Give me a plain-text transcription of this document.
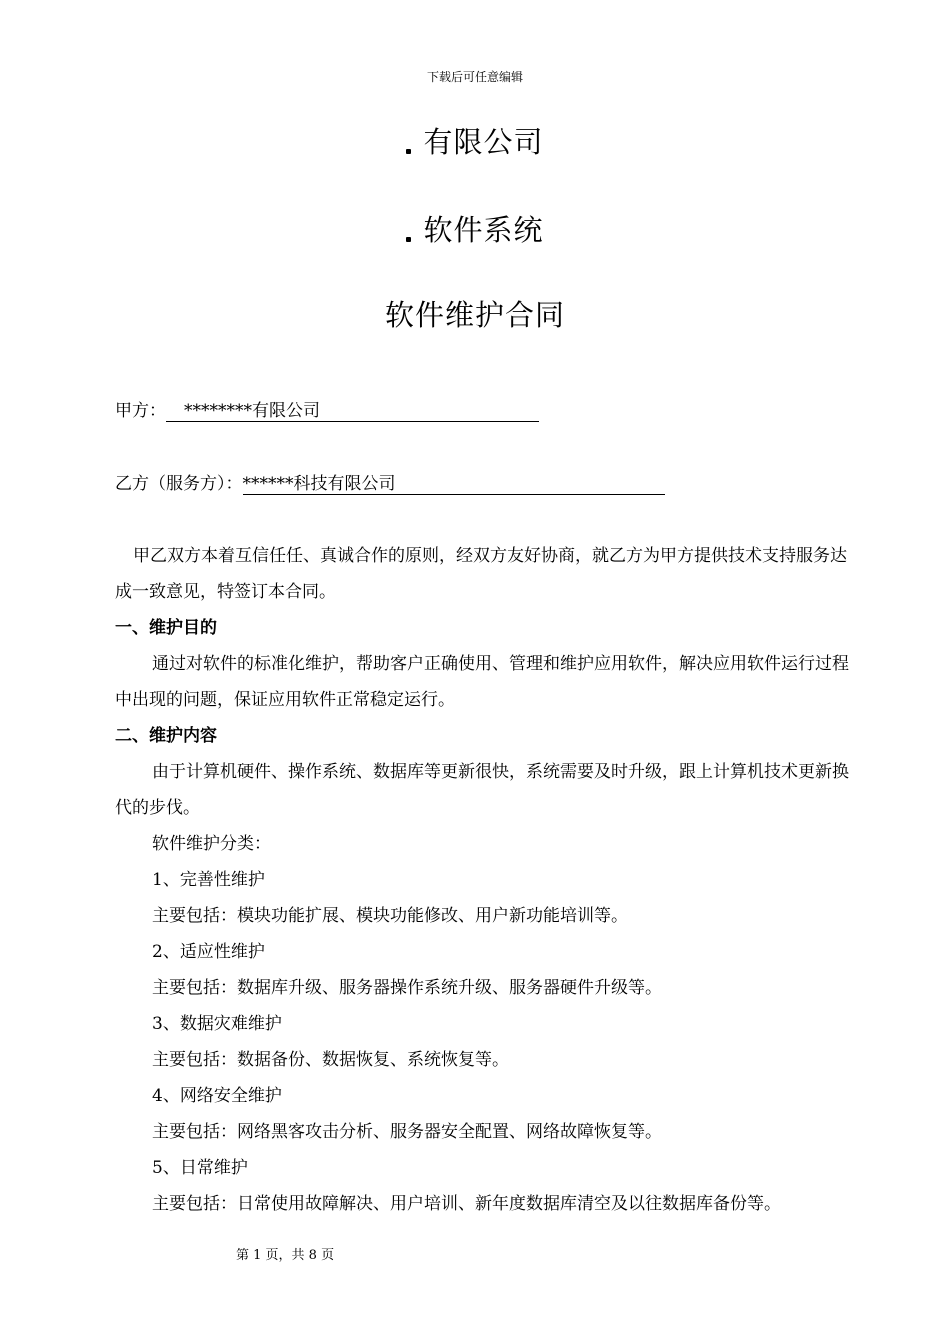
下载后可任意编辑
有限公司
软件系统
软件维护合同
甲方： ********有限公司
乙方（服务方）：******科技有限公司

甲乙双方本着互信任任、真诚合作的原则，经双方友好协商，就乙方为甲方提供技术支持服务达成一致意见，特签订本合同。

一、维护目的

通过对软件的标准化维护，帮助客户正确使用、管理和维护应用软件，解决应用软件运行过程中出现的问题，保证应用软件正常稳定运行。

二、维护内容

由于计算机硬件、操作系统、数据库等更新很快，系统需要及时升级，跟上计算机技术更新换代的步伐。

软件维护分类：

1、完善性维护

主要包括：模块功能扩展、模块功能修改、用户新功能培训等。

2、适应性维护

主要包括：数据库升级、服务器操作系统升级、服务器硬件升级等。

3、数据灾难维护

主要包括：数据备份、数据恢复、系统恢复等。

4、网络安全维护

主要包括：网络黑客攻击分析、服务器安全配置、网络故障恢复等。

5、日常维护

主要包括：日常使用故障解决、用户培训、新年度数据库清空及以往数据库备份等。

第 1 页，共 8 页
